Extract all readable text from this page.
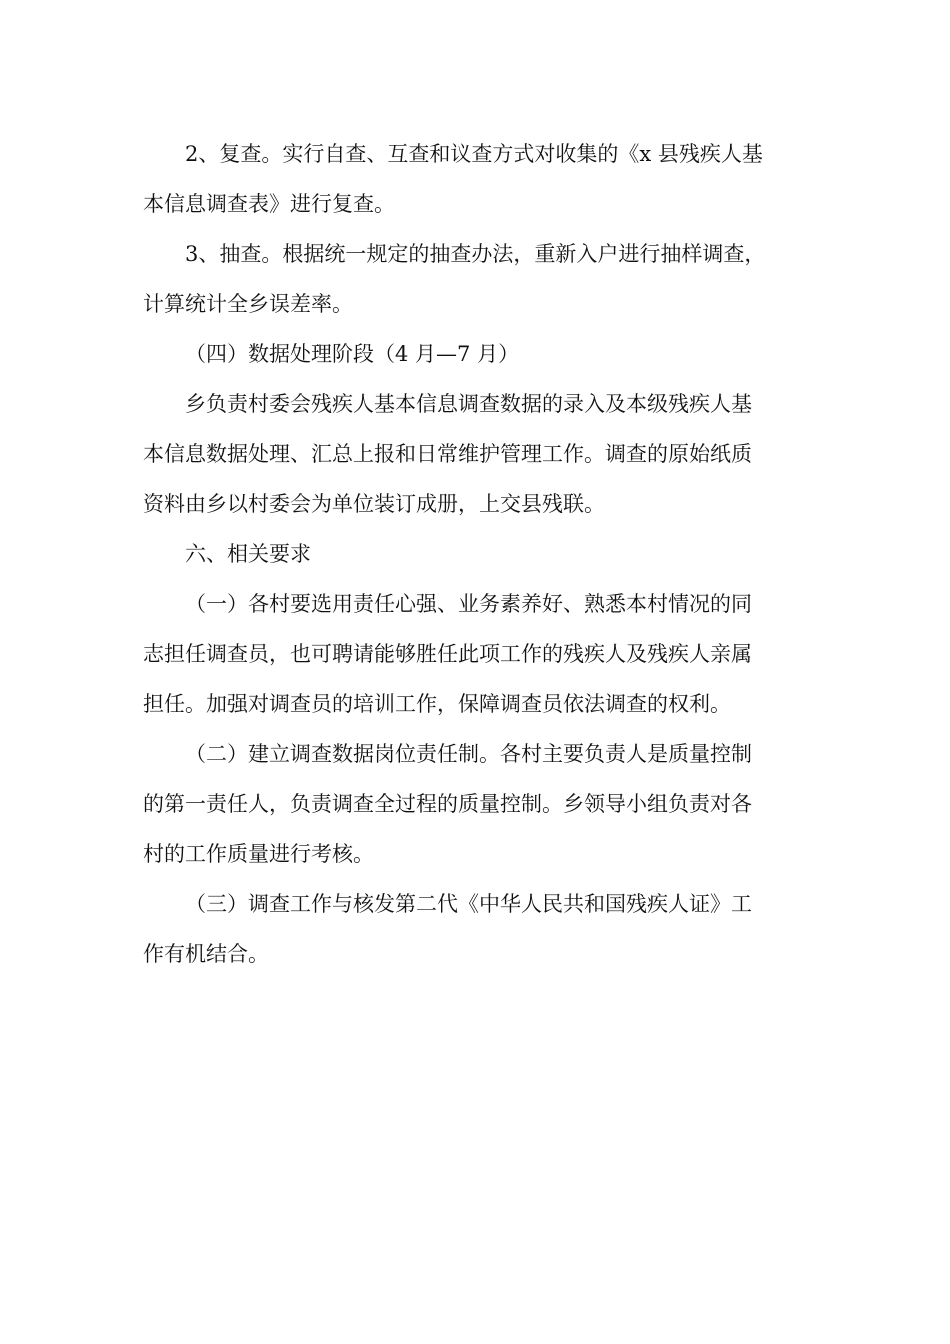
2、复查。实行自查、互查和议查方式对收集的《x 县残疾人基
本信息调查表》进行复查。
3、抽查。根据统一规定的抽查办法，重新入户进行抽样调查，
计算统计全乡误差率。
（四）数据处理阶段（4 月—7 月）
乡负责村委会残疾人基本信息调查数据的录入及本级残疾人基
本信息数据处理、汇总上报和日常维护管理工作。调查的原始纸质
资料由乡以村委会为单位装订成册，上交县残联。
六、相关要求
（一）各村要选用责任心强、业务素养好、熟悉本村情况的同
志担任调查员，也可聘请能够胜任此项工作的残疾人及残疾人亲属
担任。加强对调查员的培训工作，保障调查员依法调查的权利。
（二）建立调查数据岗位责任制。各村主要负责人是质量控制
的第一责任人，负责调查全过程的质量控制。乡领导小组负责对各
村的工作质量进行考核。
（三）调查工作与核发第二代《中华人民共和国残疾人证》工
作有机结合。
